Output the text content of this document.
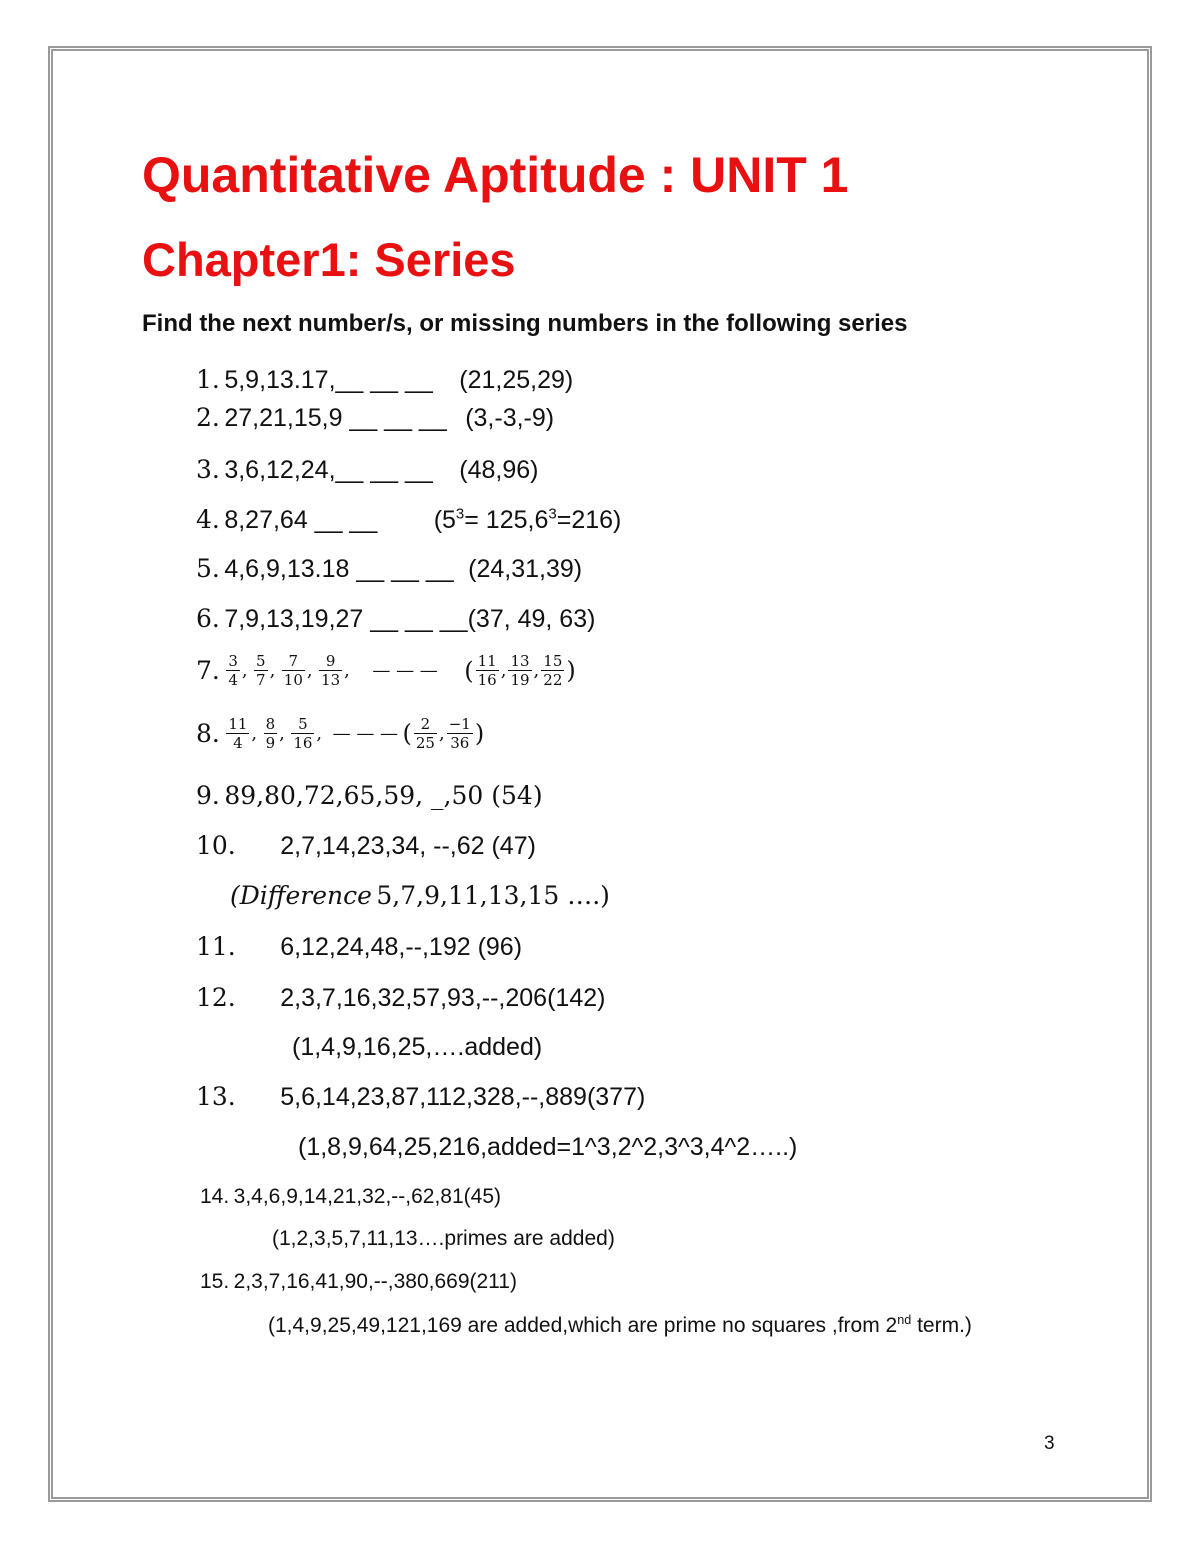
Quantitative Aptitude : UNIT 1
Chapter1: Series
Find the next number/s, or missing numbers in the following series
1. 5,9,13.17,__ __ __ (21,25,29)
2. 27,21,15,9 __ __ __ (3,-3,-9)
3. 3,6,12,24,__ __ __ (48,96)
4. 8,27,64 __ __ $(5^3= 125,6^3=216)$
5. 4,6,9,13.18 __ __ __ (24,31,39)
6. 7,9,13,19,27 __ __ __(37, 49, 63)
7. $\frac{3}{4}$ , $\frac{5}{7}$ , $\frac{7}{10}$ , $\frac{9}{13}$ , — — — ( $\frac{11}{16}$ , $\frac{13}{19}$ , $\frac{15}{22}$ )
8. $\frac{11}{4}$ , $\frac{8}{9}$ , $\frac{5}{16}$ , — — — ( $\frac{2}{25}$ , $\frac{-1}{36}$ )
9. 89,80,72,65,59, _,50 (54)
10. 2,7,14,23,34, --,62 (47)
(Difference 5,7,9,11,13,15 ….)
11. 6,12,24,48,--,192 (96)
12. 2,3,7,16,32,57,93,--,206(142)
(1,4,9,16,25,….added)
13. 5,6,14,23,87,112,328,--,889(377)
(1,8,9,64,25,216,added=1^3,2^2,3^3,4^2…..)
14. 3,4,6,9,14,21,32,--,62,81(45)
(1,2,3,5,7,11,13….primes are added)
15. 2,3,7,16,41,90,--,380,669(211)
(1,4,9,25,49,121,169 are added,which are prime no squares ,from 2nd term.)
3
